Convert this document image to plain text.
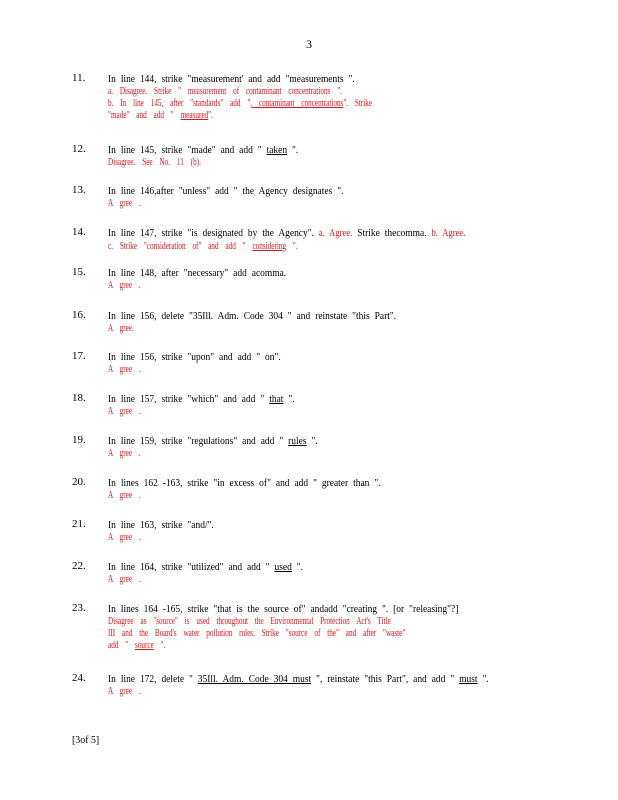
3
11.	In line 144, strike "measurement' and add "measurements ".
a. Disagree. Strike " measurement of contaminant concentrations ".
b. In line 145, after "standards" add ", contaminant concentrations". Strike
"made" and add " measured".
12.	In line 145, strike "made" and add " taken ".
Disagree. See No. 11 (b).
13.	In line 146,after "unless" add " the Agency designates ".
A gree .
14.	In line 147, strike "is designated by the Agency". a. Agree. Strike thecomma. b. Agree.
c. Strike "consideration of" and add " considering ".
15.	In line 148, after "necessary" add acomma.
A gree .
16.	In line 156, delete "35Ill. Adm. Code 304 " and reinstate "this Part".
A gree.
17.	In line 156, strike "upon" and add " on".
A gree .
18.	In line 157, strike "which" and add " that ".
A gree .
19.	In line 159, strike "regulations" and add " rules ".
A gree .
20.	In lines 162 -163, strike "in excess of" and add " greater than ".
A gree .
21.	In line 163, strike "and/".
A gree .
22.	In line 164, strike "utilized" and add " used ".
A gree .
23.	In lines 164 -165, strike "that is the source of" andadd "creating ". [or "releasing"?]
Disagree as "source" is used throughout the Environmental Protection Act's Title
III and the Board's water pollution rules. Strike "source of the" and after "waste"
add " source ".
24.	In line 172, delete " 35Ill. Adm. Code 304 must ", reinstate "this Part", and add " must ".
A gree .
[3of 5]
